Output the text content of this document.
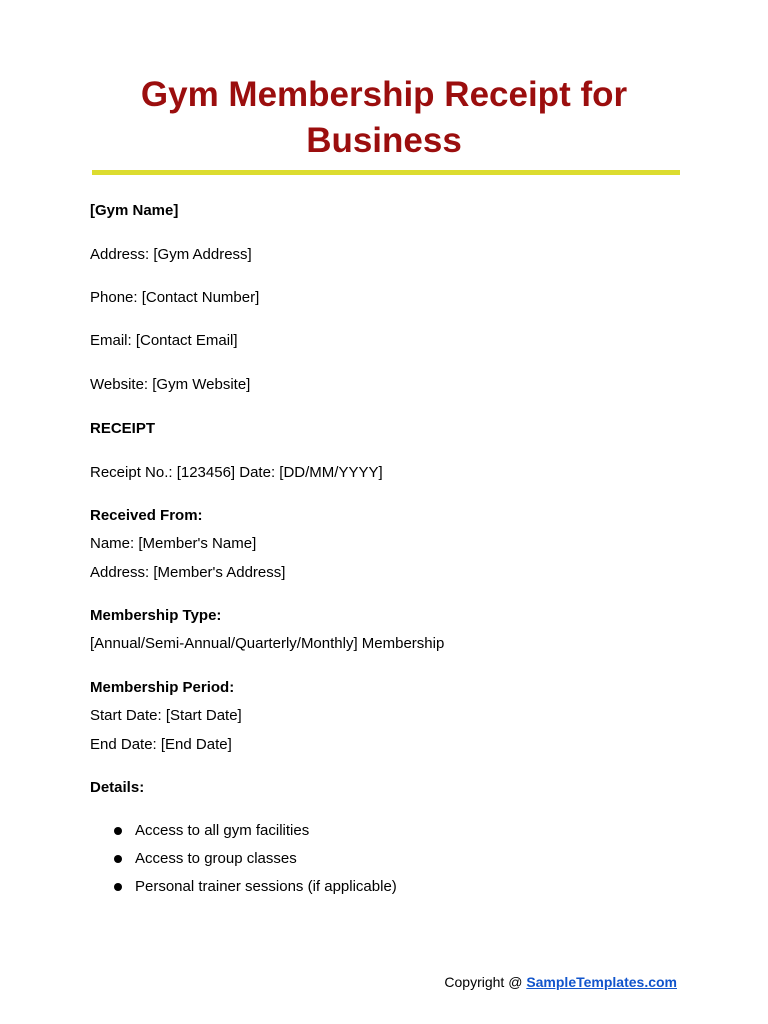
Gym Membership Receipt for Business
[Gym Name]
Address: [Gym Address]
Phone: [Contact Number]
Email: [Contact Email]
Website: [Gym Website]
RECEIPT
Receipt No.: [123456] Date: [DD/MM/YYYY]
Received From:
Name: [Member's Name]
Address: [Member's Address]
Membership Type:
[Annual/Semi-Annual/Quarterly/Monthly] Membership
Membership Period:
Start Date: [Start Date]
End Date: [End Date]
Details:
Access to all gym facilities
Access to group classes
Personal trainer sessions (if applicable)
Copyright @ SampleTemplates.com
